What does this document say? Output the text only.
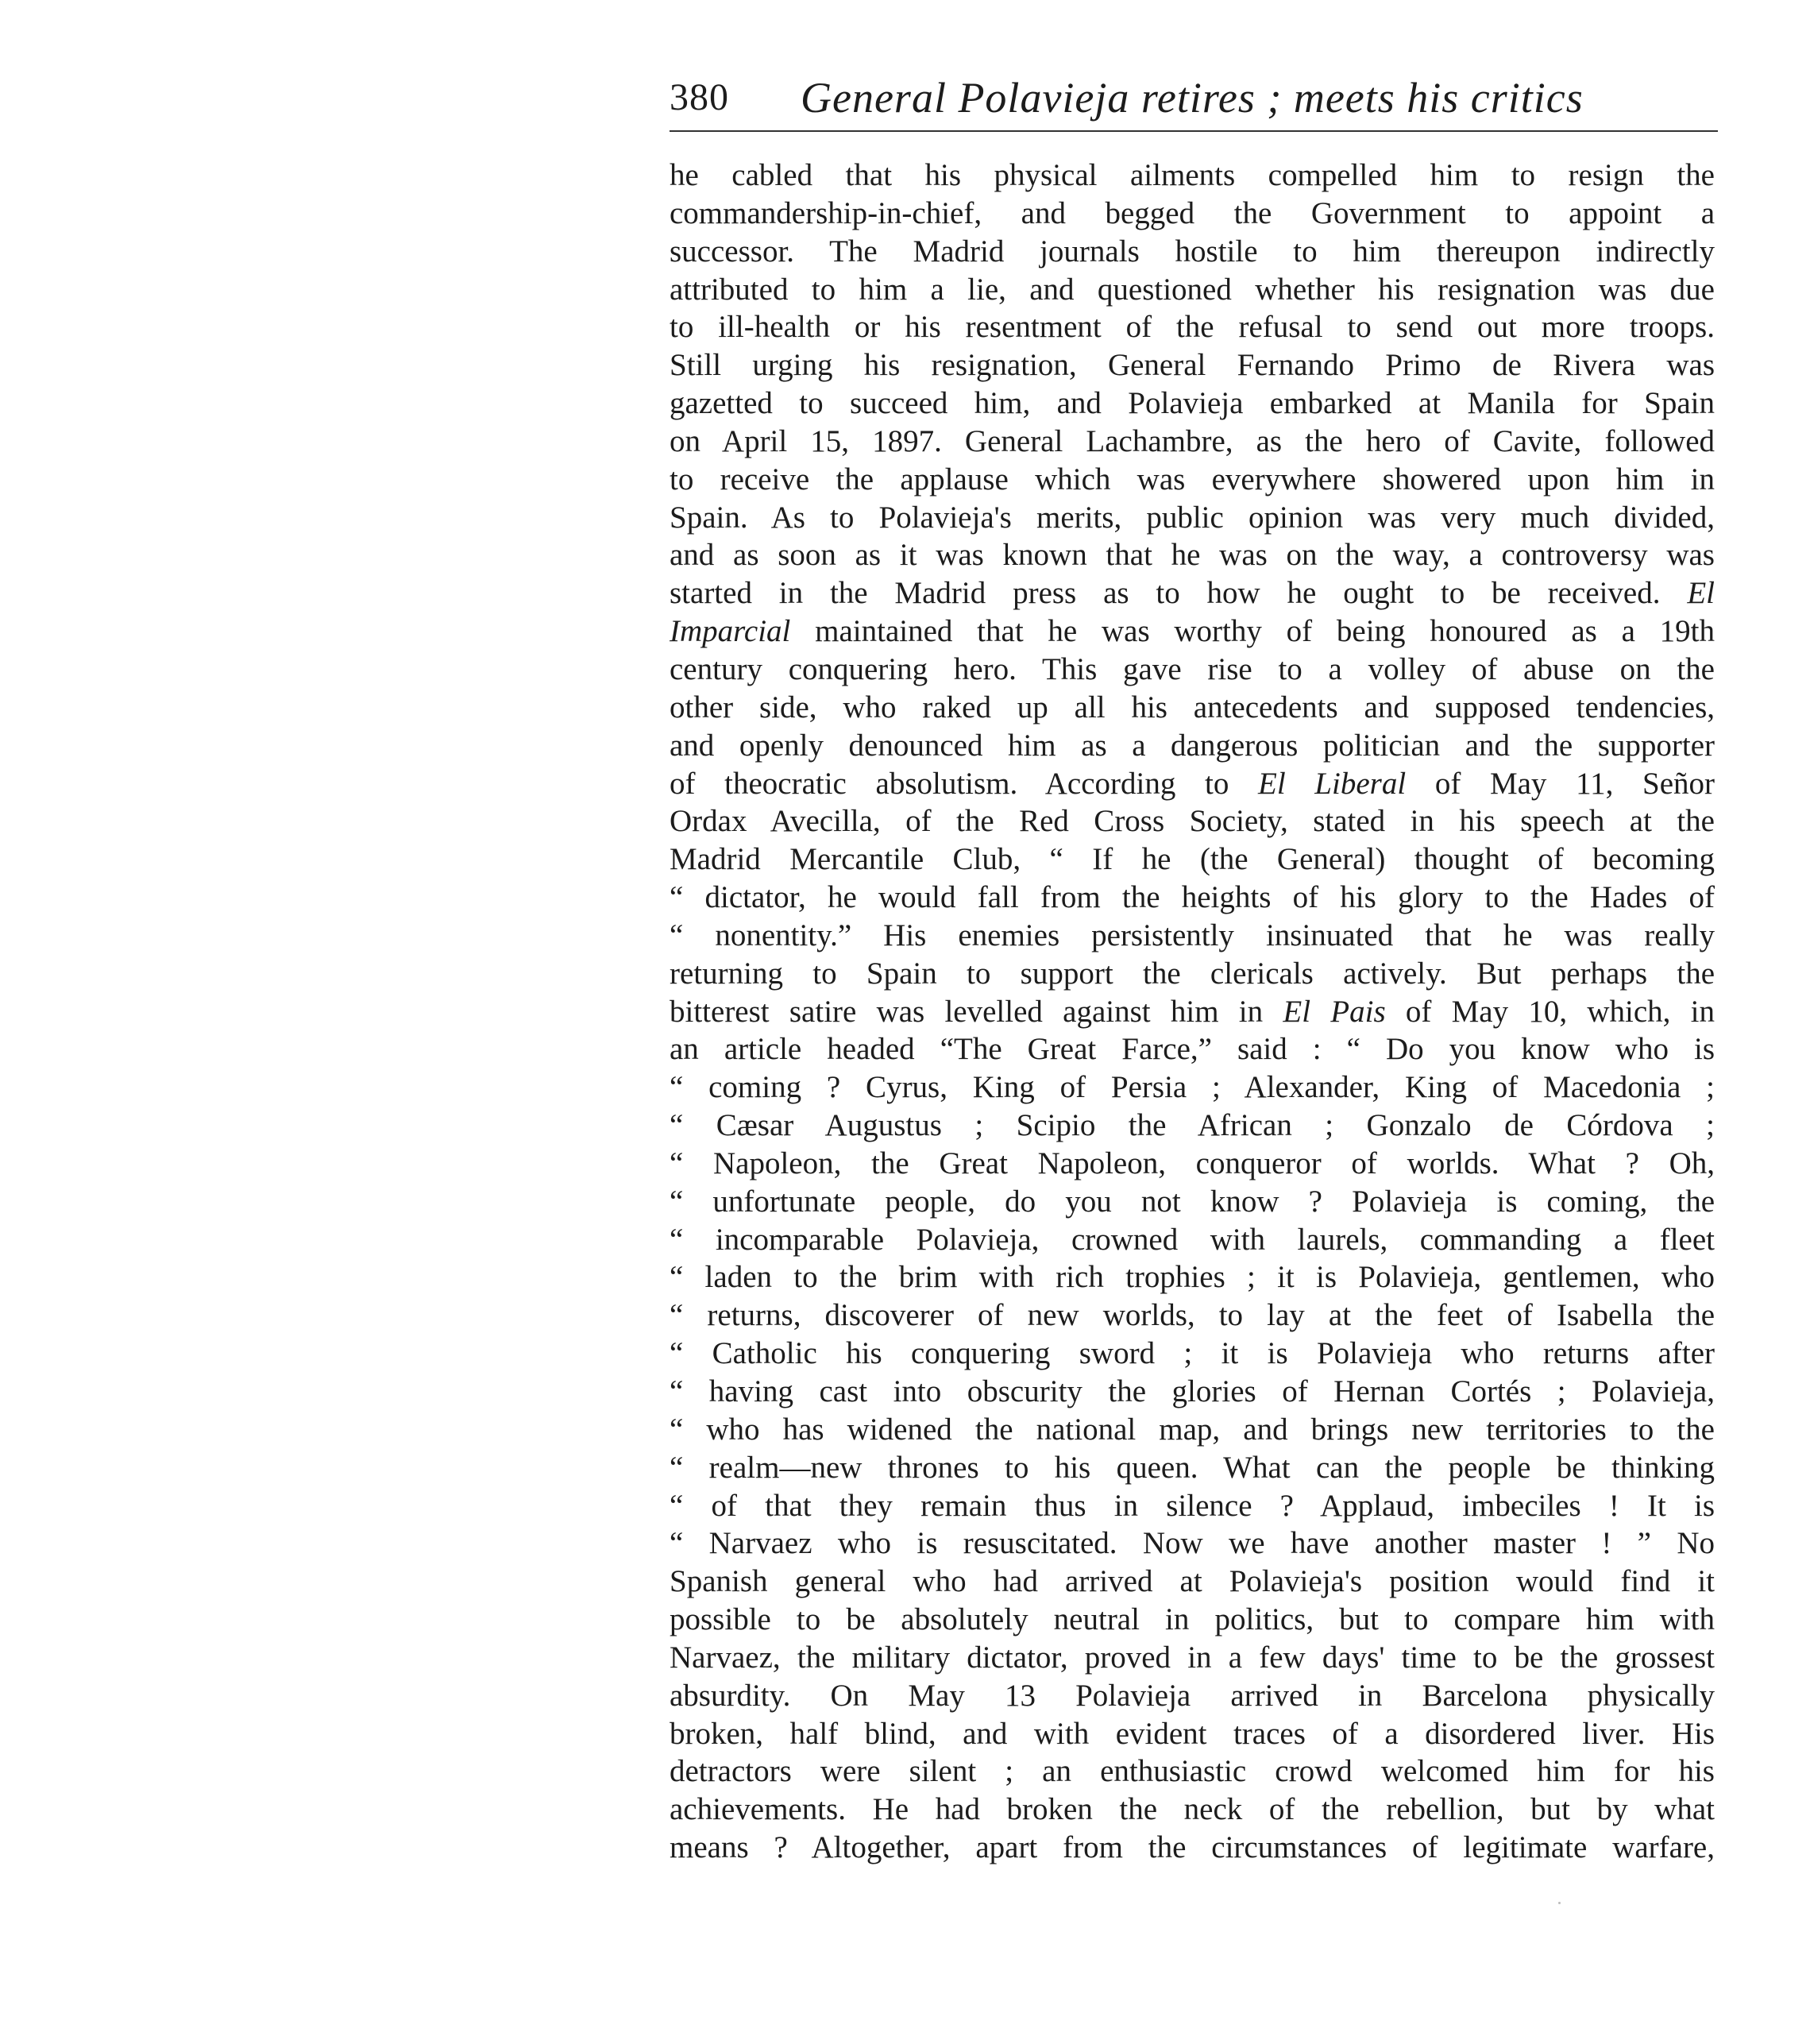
380 General Polavieja retires ; meets his critics
he cabled that his physical ailments compelled him to resign the
commandership-in-chief, and begged the Government to appoint a
successor. The Madrid journals hostile to him thereupon indirectly
attributed to him a lie, and questioned whether his resignation was due
to ill-health or his resentment of the refusal to send out more troops.
Still urging his resignation, General Fernando Primo de Rivera was
gazetted to succeed him, and Polavieja embarked at Manila for Spain
on April 15, 1897. General Lachambre, as the hero of Cavite, followed
to receive the applause which was everywhere showered upon him in
Spain. As to Polavieja's merits, public opinion was very much divided,
and as soon as it was known that he was on the way, a controversy was
started in the Madrid press as to how he ought to be received. El
Imparcial maintained that he was worthy of being honoured as a 19th
century conquering hero. This gave rise to a volley of abuse on the
other side, who raked up all his antecedents and supposed tendencies,
and openly denounced him as a dangerous politician and the supporter
of theocratic absolutism. According to El Liberal of May 11, Señor
Ordax Avecilla, of the Red Cross Society, stated in his speech at the
Madrid Mercantile Club, “ If he (the General) thought of becoming
“ dictator, he would fall from the heights of his glory to the Hades of
“ nonentity.” His enemies persistently insinuated that he was really
returning to Spain to support the clericals actively. But perhaps the
bitterest satire was levelled against him in El Pais of May 10, which, in
an article headed “The Great Farce,” said : “ Do you know who is
“ coming ? Cyrus, King of Persia ; Alexander, King of Macedonia ;
“ Cæsar Augustus ; Scipio the African ; Gonzalo de Córdova ;
“ Napoleon, the Great Napoleon, conqueror of worlds. What ? Oh,
“ unfortunate people, do you not know ? Polavieja is coming, the
“ incomparable Polavieja, crowned with laurels, commanding a fleet
“ laden to the brim with rich trophies ; it is Polavieja, gentlemen, who
“ returns, discoverer of new worlds, to lay at the feet of Isabella the
“ Catholic his conquering sword ; it is Polavieja who returns after
“ having cast into obscurity the glories of Hernan Cortés ; Polavieja,
“ who has widened the national map, and brings new territories to the
“ realm—new thrones to his queen. What can the people be thinking
“ of that they remain thus in silence ? Applaud, imbeciles ! It is
“ Narvaez who is resuscitated. Now we have another master ! ” No
Spanish general who had arrived at Polavieja's position would find it
possible to be absolutely neutral in politics, but to compare him with
Narvaez, the military dictator, proved in a few days' time to be the grossest
absurdity. On May 13 Polavieja arrived in Barcelona physically
broken, half blind, and with evident traces of a disordered liver. His
detractors were silent ; an enthusiastic crowd welcomed him for his
achievements. He had broken the neck of the rebellion, but by what
means ? Altogether, apart from the circumstances of legitimate warfare,
